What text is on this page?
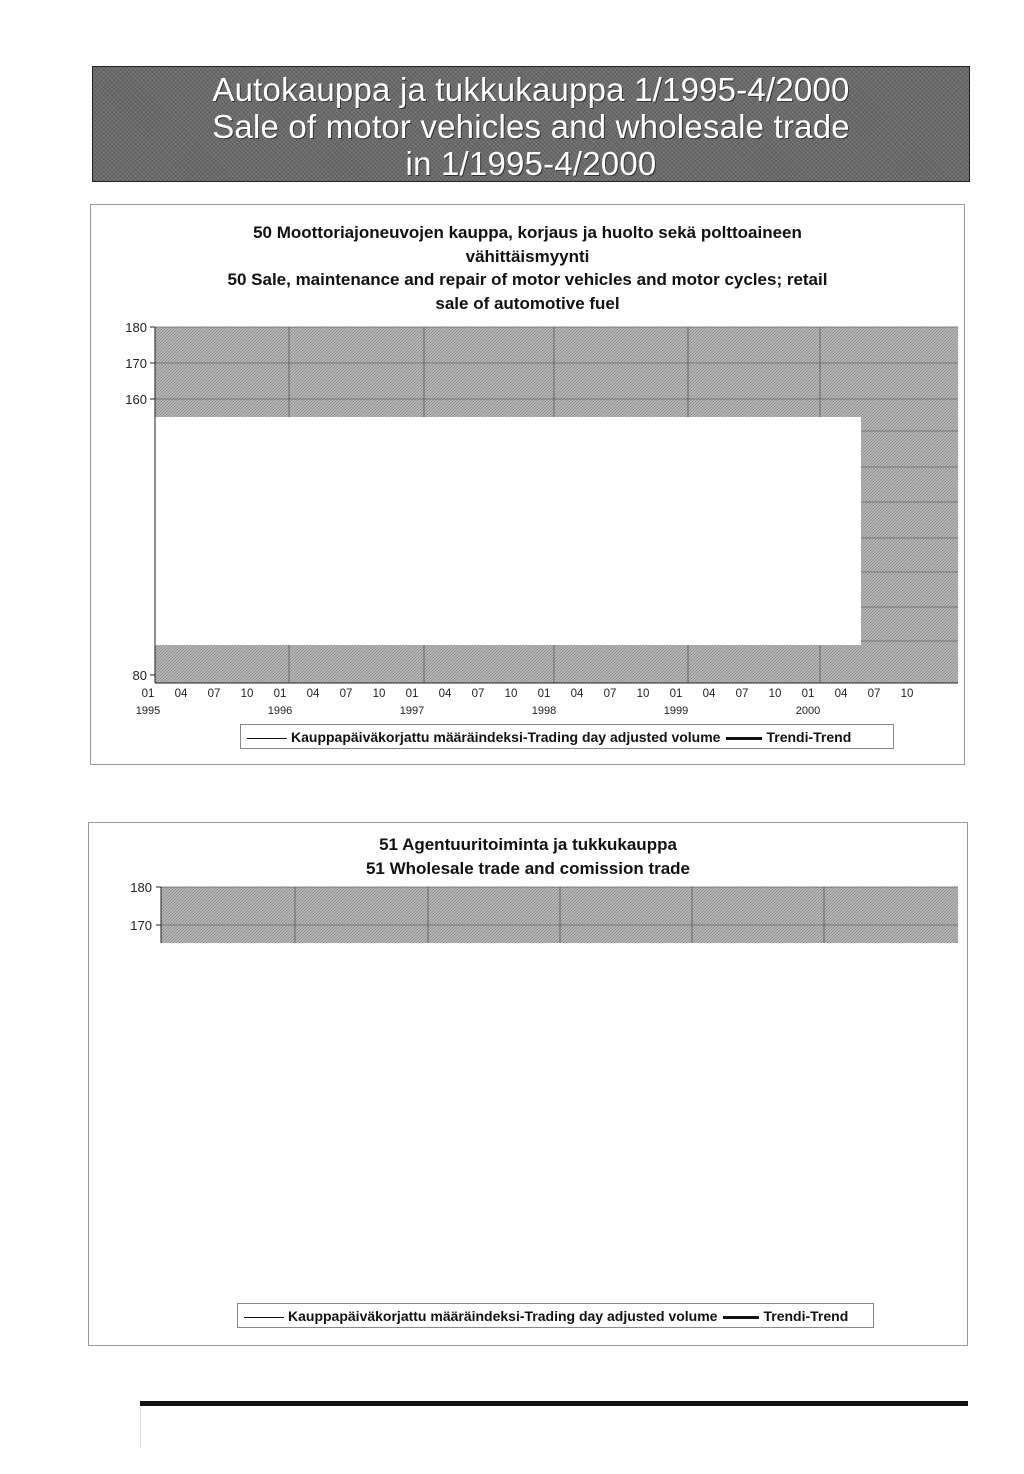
Autokauppa ja tukkukauppa 1/1995-4/2000
Sale of motor vehicles and wholesale trade
in 1/1995-4/2000
50 Moottoriajoneuvojen kauppa, korjaus ja huolto sekä polttoaineen
vähittäismyynti
50 Sale, maintenance and repair of motor vehicles and motor cycles; retail
sale of automotive fuel
180
170
160
80
01 04 07 10 01 04 07 10 01 04 07 10 01 04 07 10 01 04 07 10 01 04 07 10
1995	1996	1997	1998	1999	2000
Kauppapäiväkorjattu määräindeksi-Trading day adjusted volume	Trendi-Trend
51 Agentuuritoiminta ja tukkukauppa
51 Wholesale trade and comission trade
180
170
Kauppapäiväkorjattu määräindeksi-Trading day adjusted volume	Trendi-Trend
